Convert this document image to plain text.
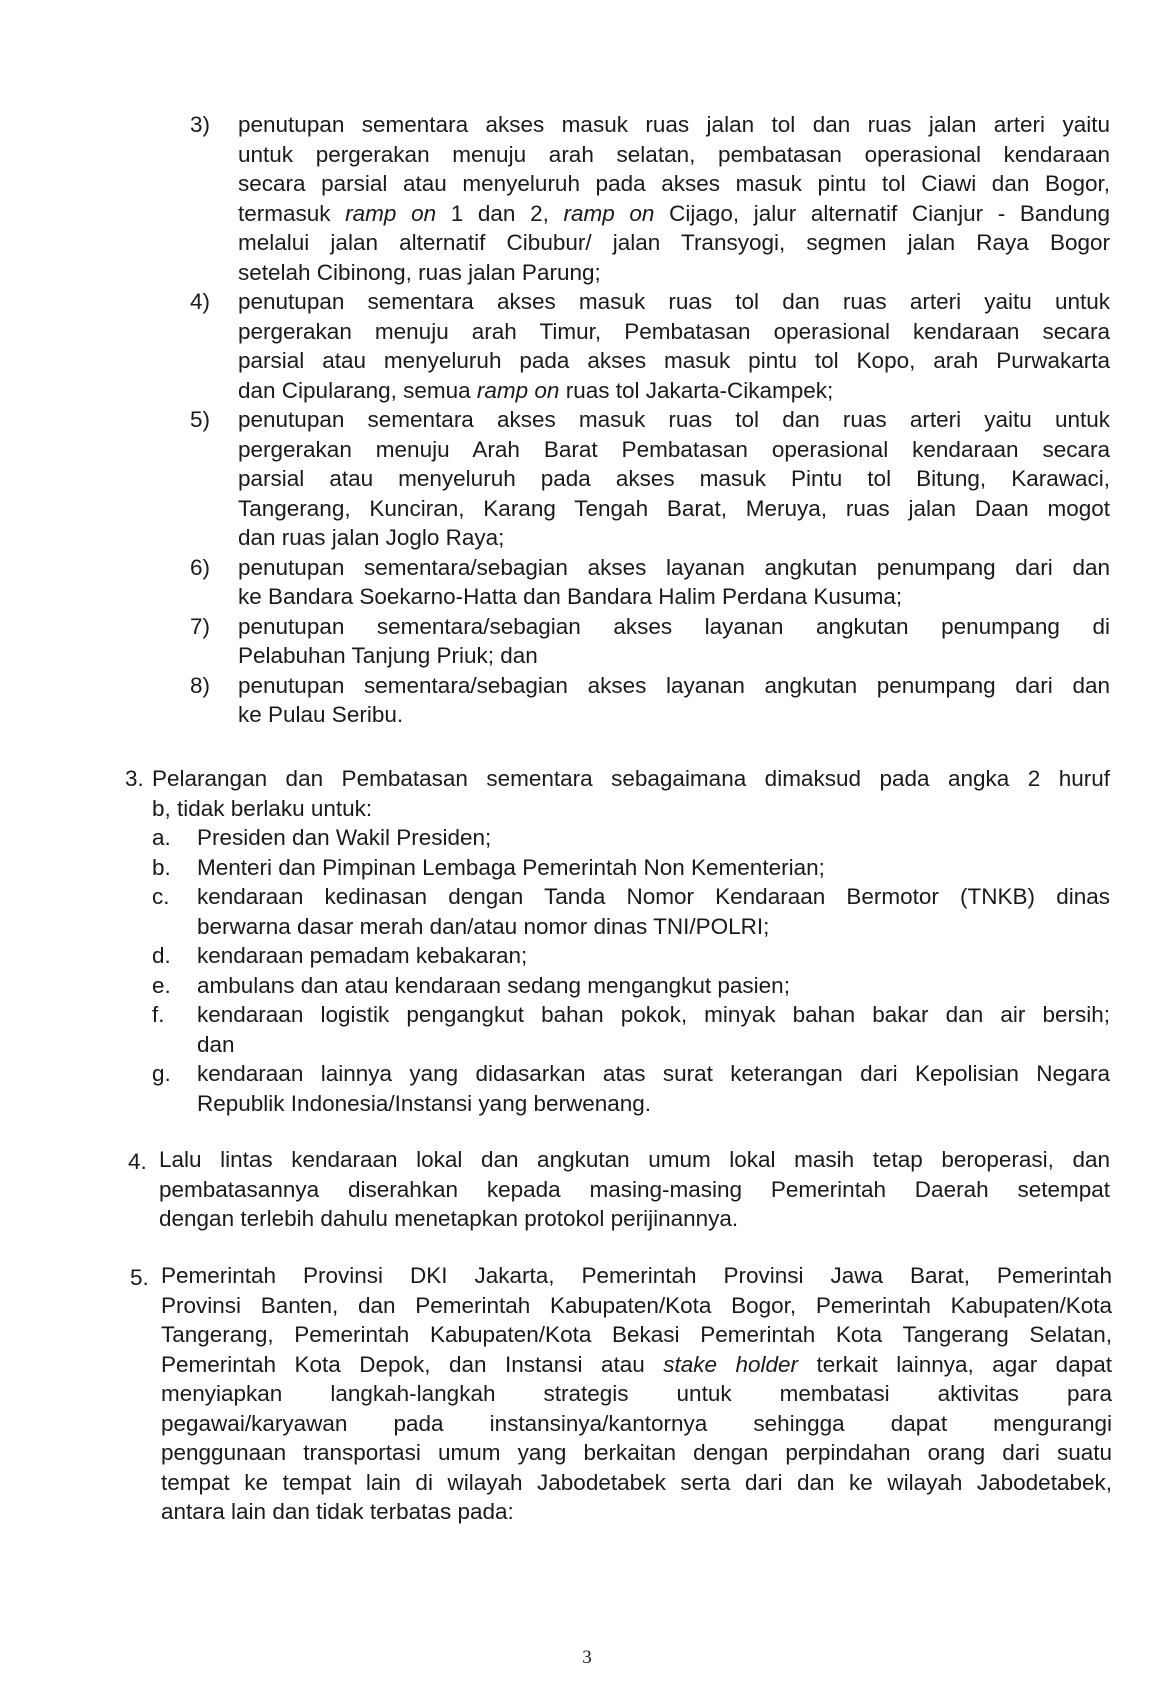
3) penutupan sementara akses masuk ruas jalan tol dan ruas jalan arteri yaitu
untuk pergerakan menuju arah selatan, pembatasan operasional kendaraan
secara parsial atau menyeluruh pada akses masuk pintu tol Ciawi dan Bogor,
termasuk ramp on 1 dan 2, ramp on Cijago, jalur alternatif Cianjur - Bandung
melalui jalan alternatif Cibubur/ jalan Transyogi, segmen jalan Raya Bogor
setelah Cibinong, ruas jalan Parung;
4) penutupan sementara akses masuk ruas tol dan ruas arteri yaitu untuk
pergerakan menuju arah Timur, Pembatasan operasional kendaraan secara
parsial atau menyeluruh pada akses masuk pintu tol Kopo, arah Purwakarta
dan Cipularang, semua ramp on ruas tol Jakarta-Cikampek;
5) penutupan sementara akses masuk ruas tol dan ruas arteri yaitu untuk
pergerakan menuju Arah Barat Pembatasan operasional kendaraan secara
parsial atau menyeluruh pada akses masuk Pintu tol Bitung, Karawaci,
Tangerang, Kunciran, Karang Tengah Barat, Meruya, ruas jalan Daan mogot
dan ruas jalan Joglo Raya;
6) penutupan sementara/sebagian akses layanan angkutan penumpang dari dan
ke Bandara Soekarno-Hatta dan Bandara Halim Perdana Kusuma;
7) penutupan sementara/sebagian akses layanan angkutan penumpang di
Pelabuhan Tanjung Priuk; dan
8) penutupan sementara/sebagian akses layanan angkutan penumpang dari dan
ke Pulau Seribu.
3. Pelarangan dan Pembatasan sementara sebagaimana dimaksud pada angka 2 huruf
b, tidak berlaku untuk:
a. Presiden dan Wakil Presiden;
b. Menteri dan Pimpinan Lembaga Pemerintah Non Kementerian;
c. kendaraan kedinasan dengan Tanda Nomor Kendaraan Bermotor (TNKB) dinas
berwarna dasar merah dan/atau nomor dinas TNI/POLRI;
d. kendaraan pemadam kebakaran;
e. ambulans dan atau kendaraan sedang mengangkut pasien;
f. kendaraan logistik pengangkut bahan pokok, minyak bahan bakar dan air bersih;
dan
g. kendaraan lainnya yang didasarkan atas surat keterangan dari Kepolisian Negara
Republik Indonesia/Instansi yang berwenang.
4. Lalu lintas kendaraan lokal dan angkutan umum lokal masih tetap beroperasi, dan
pembatasannya diserahkan kepada masing-masing Pemerintah Daerah setempat
dengan terlebih dahulu menetapkan protokol perijinannya.
5. Pemerintah Provinsi DKI Jakarta, Pemerintah Provinsi Jawa Barat, Pemerintah
Provinsi Banten, dan Pemerintah Kabupaten/Kota Bogor, Pemerintah Kabupaten/Kota
Tangerang, Pemerintah Kabupaten/Kota Bekasi Pemerintah Kota Tangerang Selatan,
Pemerintah Kota Depok, dan Instansi atau stake holder terkait lainnya, agar dapat
menyiapkan langkah-langkah strategis untuk membatasi aktivitas para
pegawai/karyawan pada instansinya/kantornya sehingga dapat mengurangi
penggunaan transportasi umum yang berkaitan dengan perpindahan orang dari suatu
tempat ke tempat lain di wilayah Jabodetabek serta dari dan ke wilayah Jabodetabek,
antara lain dan tidak terbatas pada:
3
